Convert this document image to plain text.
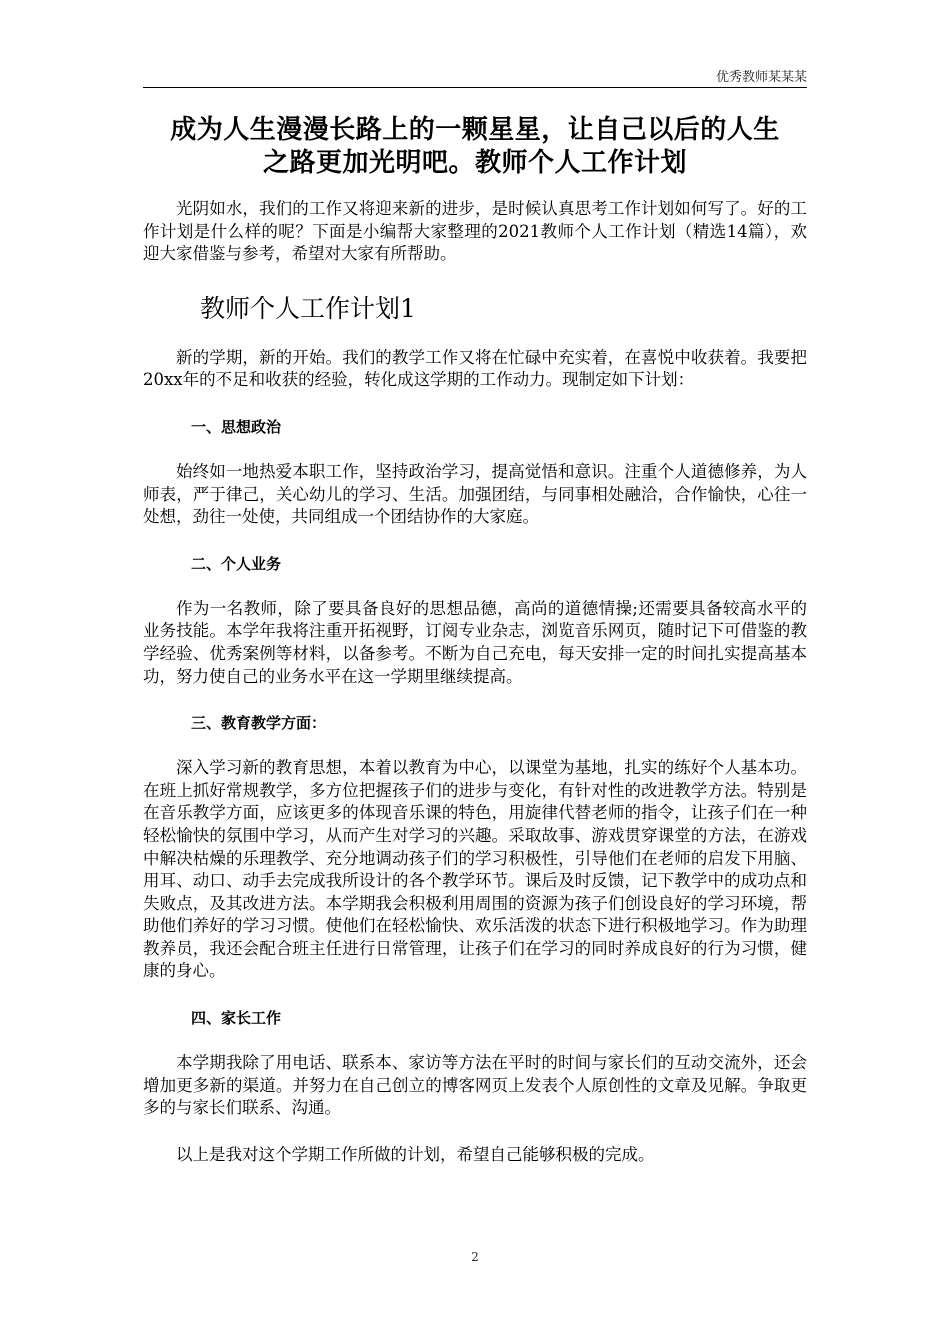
优秀教师某某某
成为人生漫漫长路上的一颗星星，让自己以后的人生
之路更加光明吧。教师个人工作计划

光阴如水，我们的工作又将迎来新的进步，是时候认真思考工作计划如何写了。好的工作计划是什么样的呢？下面是小编帮大家整理的2021教师个人工作计划（精选14篇），欢迎大家借鉴与参考，希望对大家有所帮助。

教师个人工作计划1

新的学期，新的开始。我们的教学工作又将在忙碌中充实着，在喜悦中收获着。我要把20xx年的不足和收获的经验，转化成这学期的工作动力。现制定如下计划：

一、思想政治

始终如一地热爱本职工作，坚持政治学习，提高觉悟和意识。注重个人道德修养，为人师表，严于律己，关心幼儿的学习、生活。加强团结，与同事相处融洽，合作愉快，心往一处想，劲往一处使，共同组成一个团结协作的大家庭。

二、个人业务

作为一名教师，除了要具备良好的思想品德，高尚的道德情操;还需要具备较高水平的业务技能。本学年我将注重开拓视野，订阅专业杂志，浏览音乐网页，随时记下可借鉴的教学经验、优秀案例等材料，以备参考。不断为自己充电，每天安排一定的时间扎实提高基本功，努力使自己的业务水平在这一学期里继续提高。

三、教育教学方面：

深入学习新的教育思想，本着以教育为中心，以课堂为基地，扎实的练好个人基本功。在班上抓好常规教学，多方位把握孩子们的进步与变化，有针对性的改进教学方法。特别是在音乐教学方面，应该更多的体现音乐课的特色，用旋律代替老师的指令，让孩子们在一种轻松愉快的氛围中学习，从而产生对学习的兴趣。采取故事、游戏贯穿课堂的方法，在游戏中解决枯燥的乐理教学、充分地调动孩子们的学习积极性，引导他们在老师的启发下用脑、用耳、动口、动手去完成我所设计的各个教学环节。课后及时反馈，记下教学中的成功点和失败点，及其改进方法。本学期我会积极利用周围的资源为孩子们创设良好的学习环境，帮助他们养好的学习习惯。使他们在轻松愉快、欢乐活泼的状态下进行积极地学习。作为助理教养员，我还会配合班主任进行日常管理，让孩子们在学习的同时养成良好的行为习惯，健康的身心。

四、家长工作

本学期我除了用电话、联系本、家访等方法在平时的时间与家长们的互动交流外，还会增加更多新的渠道。并努力在自己创立的博客网页上发表个人原创性的文章及见解。争取更多的与家长们联系、沟通。

以上是我对这个学期工作所做的计划，希望自己能够积极的完成。

2
